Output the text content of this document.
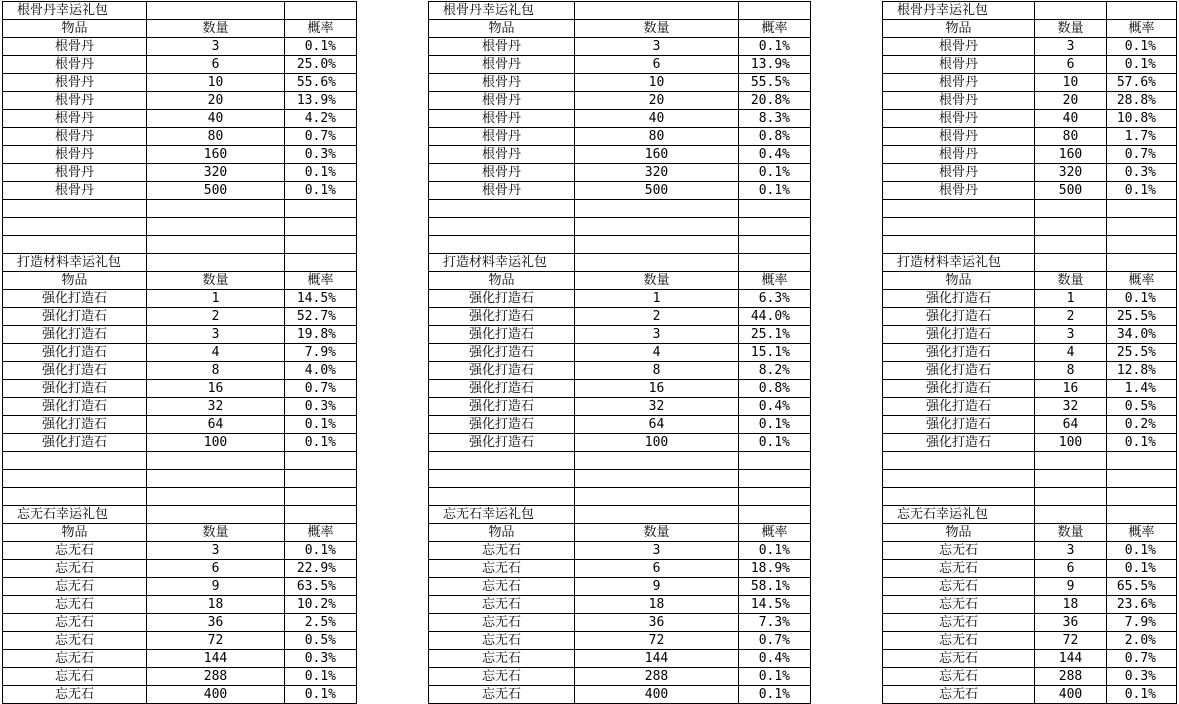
根骨丹幸运礼包		
物品	数量	概率
根骨丹	3	0.1%
根骨丹	6	25.0%
根骨丹	10	55.6%
根骨丹	20	13.9%
根骨丹	40	4.2%
根骨丹	80	0.7%
根骨丹	160	0.3%
根骨丹	320	0.1%
根骨丹	500	0.1%

打造材料幸运礼包		
物品	数量	概率
强化打造石	1	14.5%
强化打造石	2	52.7%
强化打造石	3	19.8%
强化打造石	4	7.9%
强化打造石	8	4.0%
强化打造石	16	0.7%
强化打造石	32	0.3%
强化打造石	64	0.1%
强化打造石	100	0.1%

忘无石幸运礼包		
物品	数量	概率
忘无石	3	0.1%
忘无石	6	22.9%
忘无石	9	63.5%
忘无石	18	10.2%
忘无石	36	2.5%
忘无石	72	0.5%
忘无石	144	0.3%
忘无石	288	0.1%
忘无石	400	0.1%
根骨丹幸运礼包		
物品	数量	概率
根骨丹	3	0.1%
根骨丹	6	13.9%
根骨丹	10	55.5%
根骨丹	20	20.8%
根骨丹	40	8.3%
根骨丹	80	0.8%
根骨丹	160	0.4%
根骨丹	320	0.1%
根骨丹	500	0.1%

打造材料幸运礼包		
物品	数量	概率
强化打造石	1	6.3%
强化打造石	2	44.0%
强化打造石	3	25.1%
强化打造石	4	15.1%
强化打造石	8	8.2%
强化打造石	16	0.8%
强化打造石	32	0.4%
强化打造石	64	0.1%
强化打造石	100	0.1%

忘无石幸运礼包		
物品	数量	概率
忘无石	3	0.1%
忘无石	6	18.9%
忘无石	9	58.1%
忘无石	18	14.5%
忘无石	36	7.3%
忘无石	72	0.7%
忘无石	144	0.4%
忘无石	288	0.1%
忘无石	400	0.1%
根骨丹幸运礼包		
物品	数量	概率
根骨丹	3	0.1%
根骨丹	6	0.1%
根骨丹	10	57.6%
根骨丹	20	28.8%
根骨丹	40	10.8%
根骨丹	80	1.7%
根骨丹	160	0.7%
根骨丹	320	0.3%
根骨丹	500	0.1%

打造材料幸运礼包		
物品	数量	概率
强化打造石	1	0.1%
强化打造石	2	25.5%
强化打造石	3	34.0%
强化打造石	4	25.5%
强化打造石	8	12.8%
强化打造石	16	1.4%
强化打造石	32	0.5%
强化打造石	64	0.2%
强化打造石	100	0.1%

忘无石幸运礼包		
物品	数量	概率
忘无石	3	0.1%
忘无石	6	0.1%
忘无石	9	65.5%
忘无石	18	23.6%
忘无石	36	7.9%
忘无石	72	2.0%
忘无石	144	0.7%
忘无石	288	0.3%
忘无石	400	0.1%
